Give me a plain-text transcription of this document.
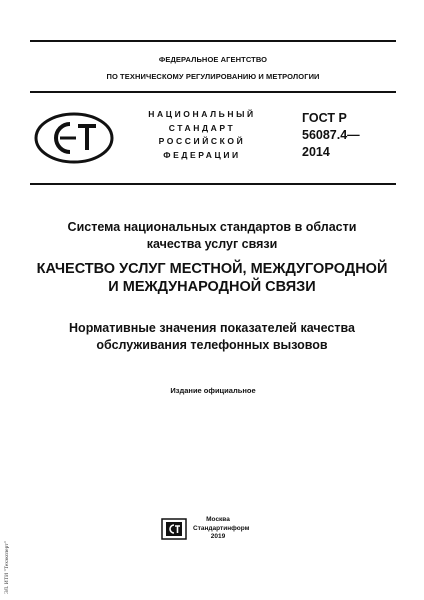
ФЕДЕРАЛЬНОЕ АГЕНТСТВО
ПО ТЕХНИЧЕСКОМУ РЕГУЛИРОВАНИЮ И МЕТРОЛОГИИ
НАЦИОНАЛЬНЫЙ
СТАНДАРТ
РОССИЙСКОЙ
ФЕДЕРАЦИИ
ГОСТ Р
56087.4—
2014
Система национальных стандартов в области
качества услуг связи
КАЧЕСТВО УСЛУГ МЕСТНОЙ, МЕЖДУГОРОДНОЙ
И МЕЖДУНАРОДНОЙ СВЯЗИ
Нормативные значения показателей качества
обслуживания телефонных вызовов
Издание официальное
Москва
Стандартинформ
2019
ЭЛ. ИТИ "Техэксперт"
